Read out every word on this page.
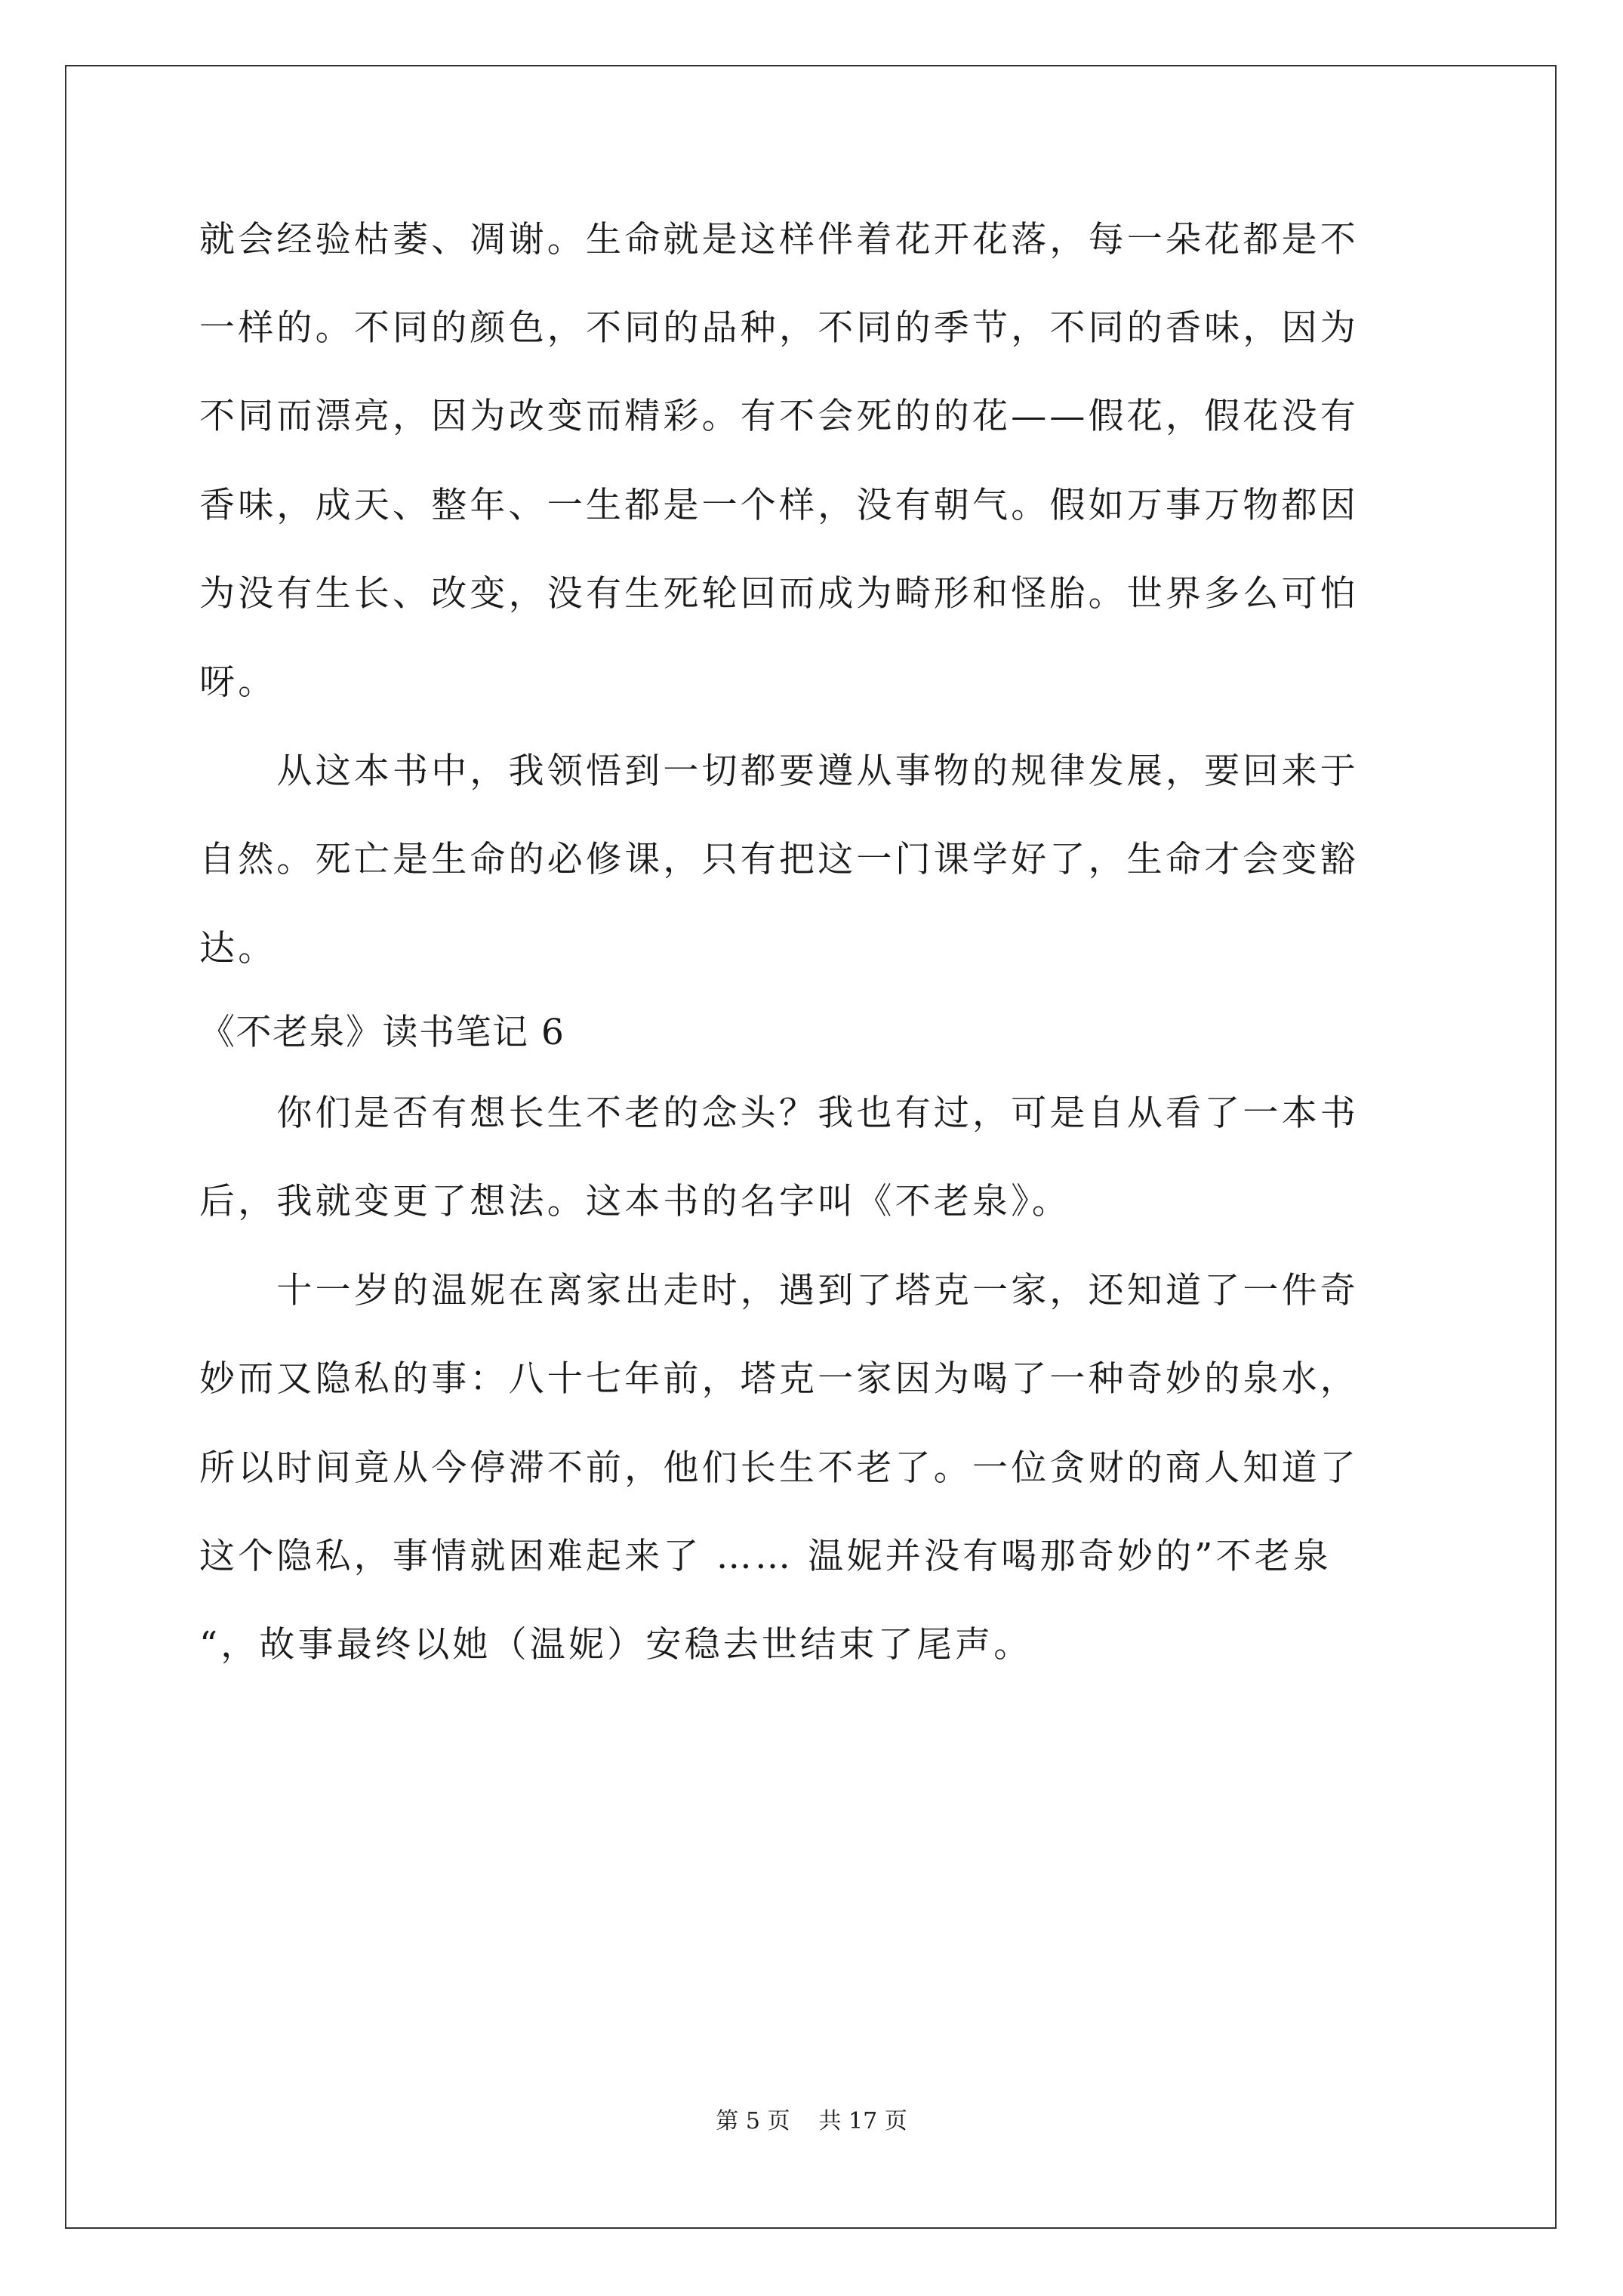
就会经验枯萎、凋谢。生命就是这样伴着花开花落，每一朵花都是不
一样的。不同的颜色，不同的品种，不同的季节，不同的香味，因为
不同而漂亮，因为改变而精彩。有不会死的的花——假花，假花没有
香味，成天、整年、一生都是一个样，没有朝气。假如万事万物都因
为没有生长、改变，没有生死轮回而成为畸形和怪胎。世界多么可怕
呀。
　　从这本书中，我领悟到一切都要遵从事物的规律发展，要回来于
自然。死亡是生命的必修课，只有把这一门课学好了，生命才会变豁
达。
《不老泉》读书笔记 6
　　你们是否有想长生不老的念头？我也有过，可是自从看了一本书
后，我就变更了想法。这本书的名字叫《不老泉》。
　　十一岁的温妮在离家出走时，遇到了塔克一家，还知道了一件奇
妙而又隐私的事：八十七年前，塔克一家因为喝了一种奇妙的泉水，
所以时间竟从今停滞不前，他们长生不老了。一位贪财的商人知道了
这个隐私，事情就困难起来了 …… 温妮并没有喝那奇妙的”不老泉
“，故事最终以她（温妮）安稳去世结束了尾声。
第 5 页 共 17 页
